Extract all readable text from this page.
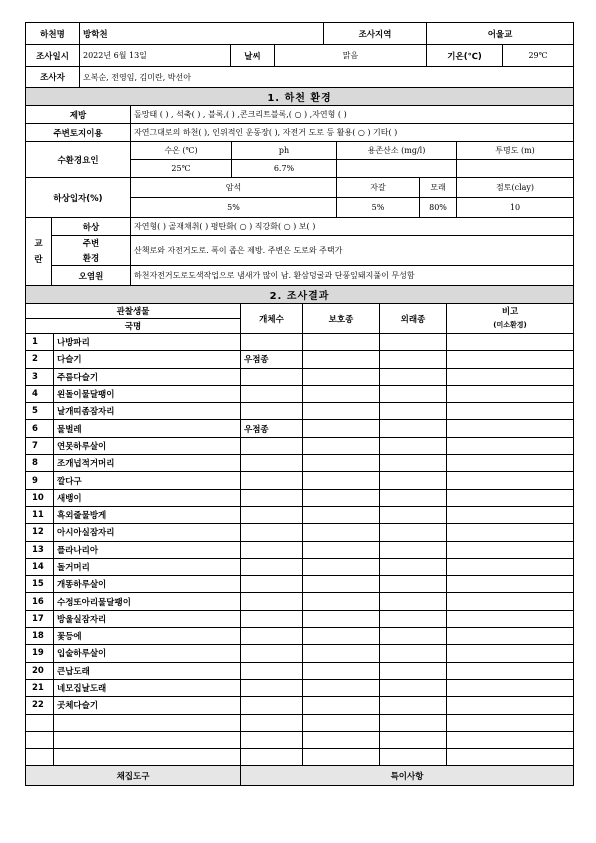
하천명	방학천			조사지역	어울교	
조사일시	2022년 6월 13일	날씨	맑음		기온(℃)	29℃
조사자	오복순, 전영임, 김미란, 박선아					
1. 하천 환경						
제방		돌망태 ( ) , 석축( ) , 블록,( ) ,콘크리트블록,( ○ ) ,자연형 ( )				
주변토지이용		자연그대로의 하천( ), 인위적인 운동장( ), 자전거 도로 등 활용( ○ ) 기타( )				
수환경요인		수온 (℃)	ph	용존산소 (mg/l)		투명도 (m)
		25℃	6.7%			
하상입자(%)		암석		자갈	모래	점토(clay)
		5%		5%	80%	10
교란	하상	자연형( ) 골재채취( ) 평탄화( ○ ) 직강화( ○ ) 보( )				
	주변	산책로와 자전거도로. 폭이 좁은 제방. 주변은 도로와 주택가				
	환경					
	오염원	하천자전거도로도색작업으로 냄새가 많이 남. 환삼덩굴과 단풍잎돼지풀이 무성함				
2. 조사결과					
관찰생물		개체수	보호종	외래종	비고
(미소환경)
국명					
1	나방파리				
2	다슬기	우점종			
3	주름다슬기				
4	왼돌이물달팽이				
5	날개띠좀잠자리				
6	물벌레	우점종			
7	연못하루살이				
8	조개넙적거머리				
9	깔다구				
10	새뱅이				
11	흑외줄물방게				
12	아시아실잠자리				
13	플라나리아				
14	돌거머리				
15	개똥하루살이				
16	수정또아리물달팽이				
17	방울실잠자리				
18	꽃등에				
19	입술하루살이				
20	큰납도래				
21	네모집날도래				
22	곳체다슬기				

채집도구		특이사항			
